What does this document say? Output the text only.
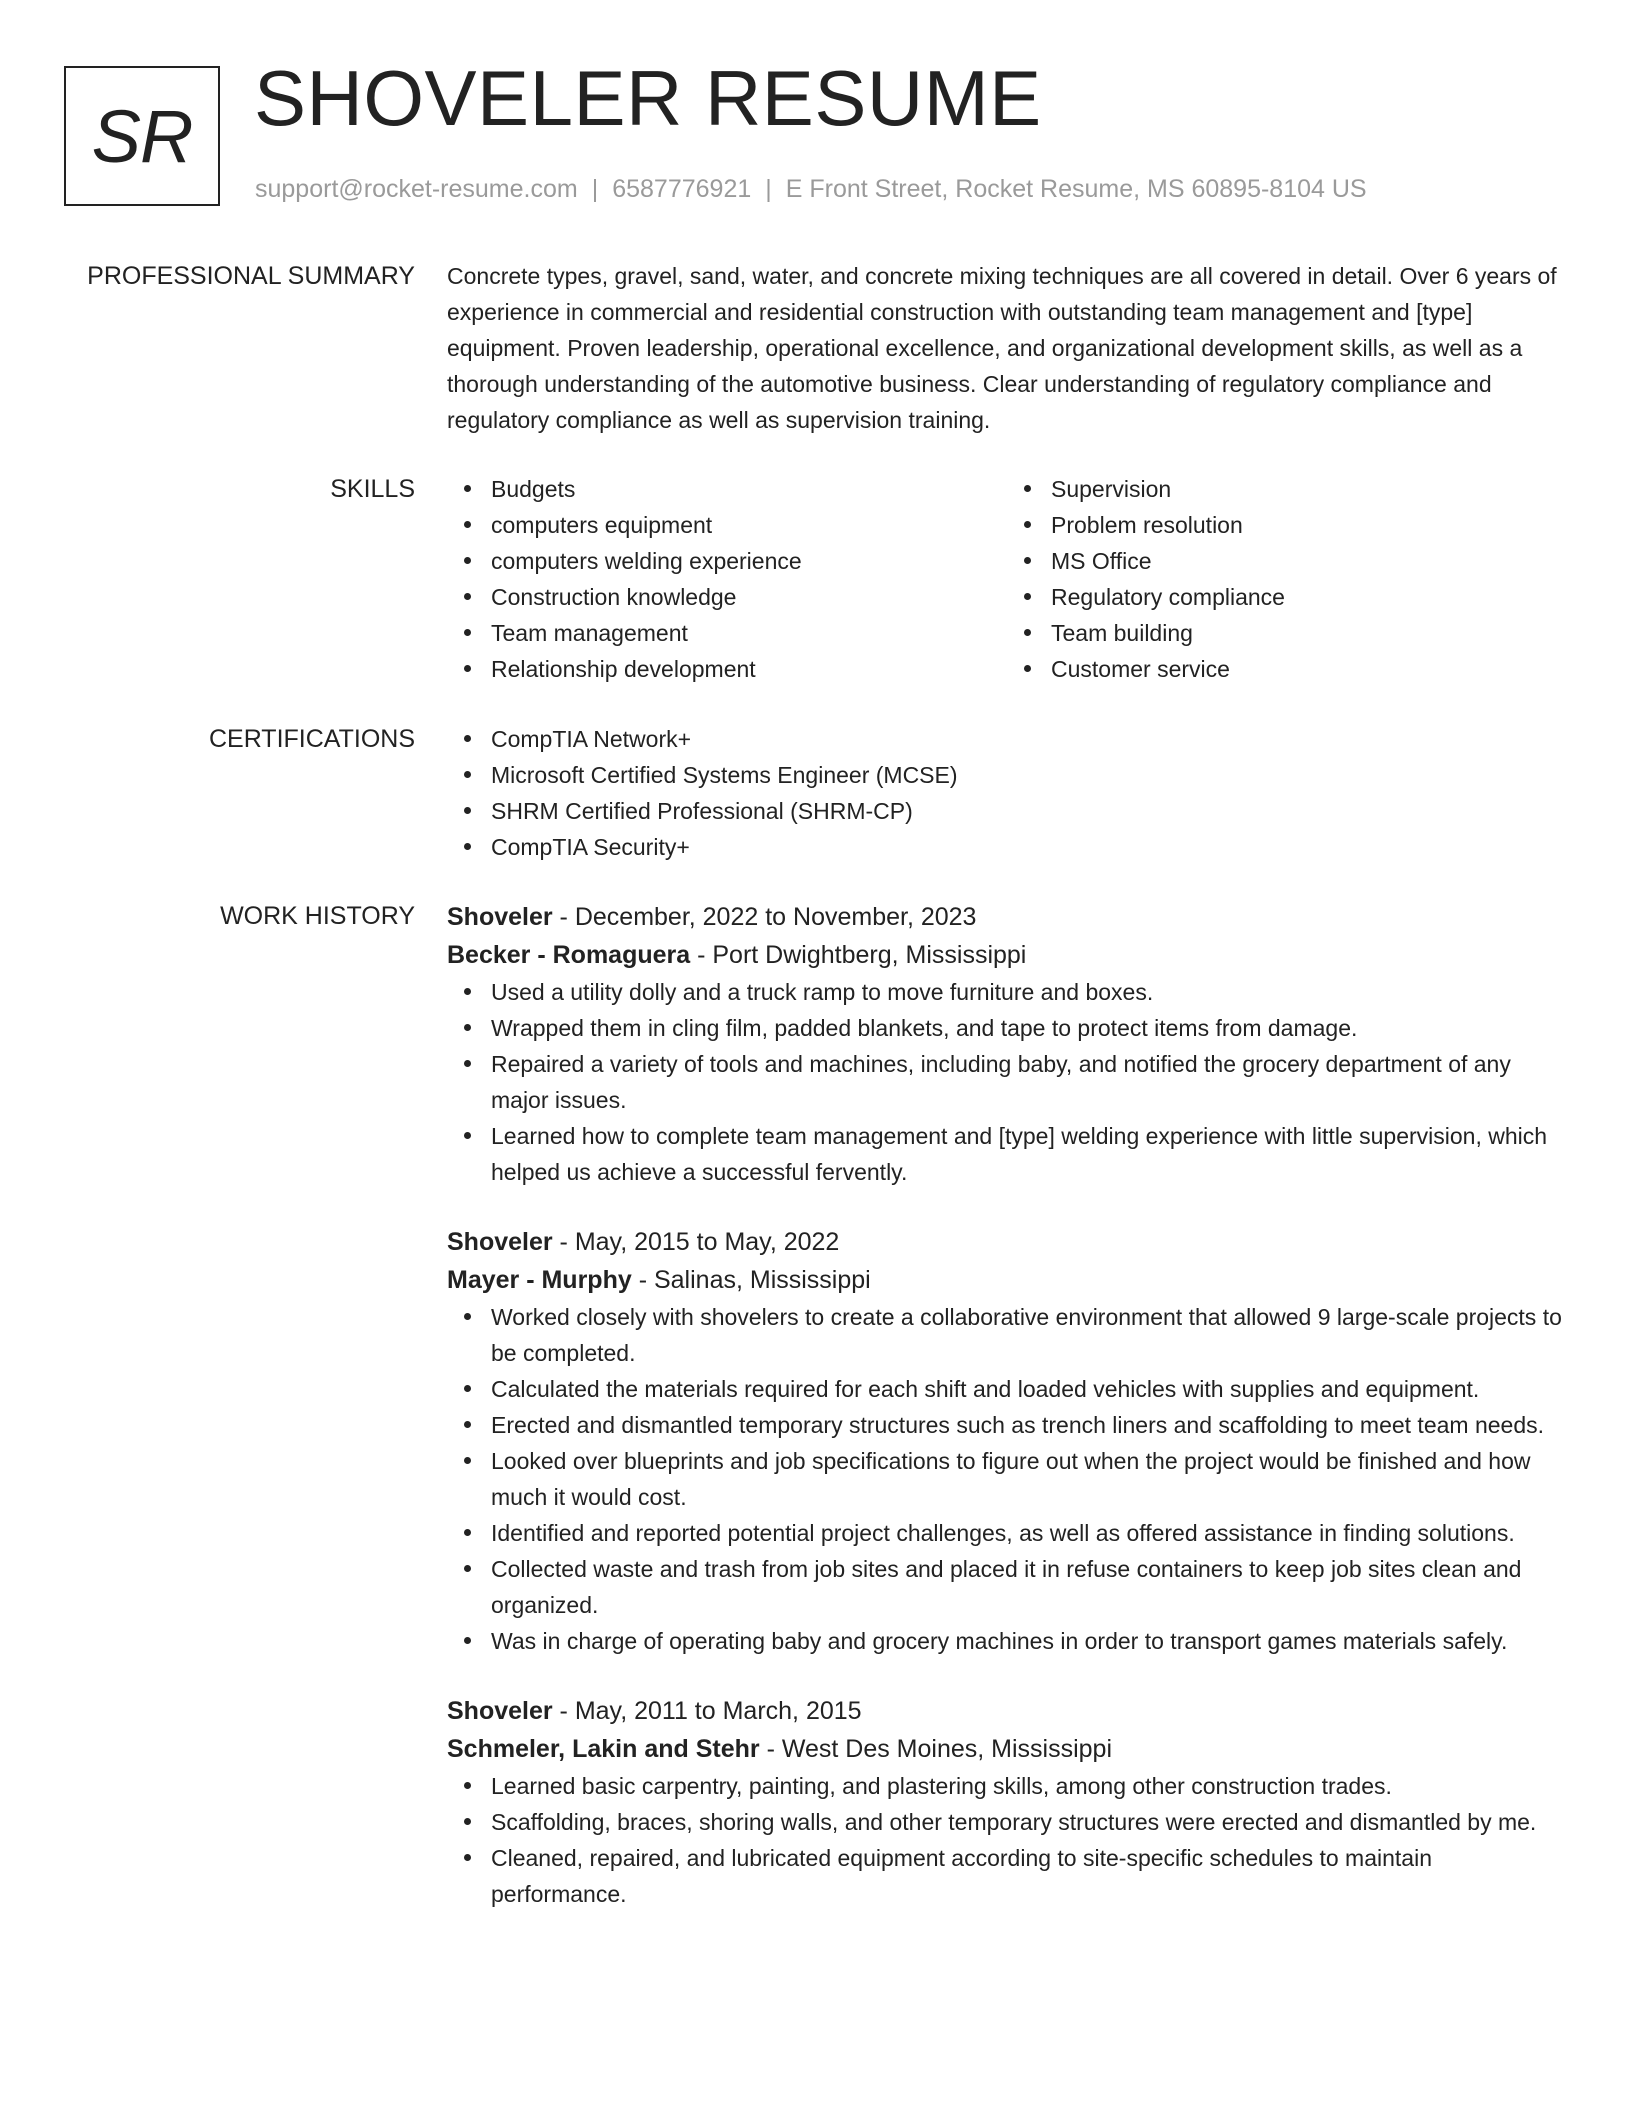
SR SHOVELER RESUME
support@rocket-resume.com | 6587776921 | E Front Street, Rocket Resume, MS 60895-8104 US
PROFESSIONAL SUMMARY Concrete types, gravel, sand, water, and concrete mixing techniques are all covered in detail. Over 6 years of experience in commercial and residential construction with outstanding team management and [type] equipment. Proven leadership, operational excellence, and organizational development skills, as well as a thorough understanding of the automotive business. Clear understanding of regulatory compliance and regulatory compliance as well as supervision training.

SKILLS	Budgets
computers equipment
computers welding experience
Construction knowledge
Team management
Relationship development
Supervision
Problem resolution
MS Office
Regulatory compliance
Team building
Customer service
CERTIFICATIONS	CompTIA Network+
Microsoft Certified Systems Engineer (MCSE)
SHRM Certified Professional (SHRM-CP)
CompTIA Security+
WORK HISTORY Shoveler - December, 2022 to November, 2023
Becker - Romaguera - Port Dwightberg, Mississippi
Used a utility dolly and a truck ramp to move furniture and boxes.
Wrapped them in cling film, padded blankets, and tape to protect items from damage.
Repaired a variety of tools and machines, including baby, and notified the grocery department of any major issues.
Learned how to complete team management and [type] welding experience with little supervision, which helped us achieve a successful fervently.
Shoveler - May, 2015 to May, 2022
Mayer - Murphy - Salinas, Mississippi
Worked closely with shovelers to create a collaborative environment that allowed 9 large-scale projects to be completed.
Calculated the materials required for each shift and loaded vehicles with supplies and equipment.
Erected and dismantled temporary structures such as trench liners and scaffolding to meet team needs.
Looked over blueprints and job specifications to figure out when the project would be finished and how much it would cost.
Identified and reported potential project challenges, as well as offered assistance in finding solutions.
Collected waste and trash from job sites and placed it in refuse containers to keep job sites clean and organized.
Was in charge of operating baby and grocery machines in order to transport games materials safely.
Shoveler - May, 2011 to March, 2015
Schmeler, Lakin and Stehr - West Des Moines, Mississippi
Learned basic carpentry, painting, and plastering skills, among other construction trades.
Scaffolding, braces, shoring walls, and other temporary structures were erected and dismantled by me.
Cleaned, repaired, and lubricated equipment according to site-specific schedules to maintain performance.
